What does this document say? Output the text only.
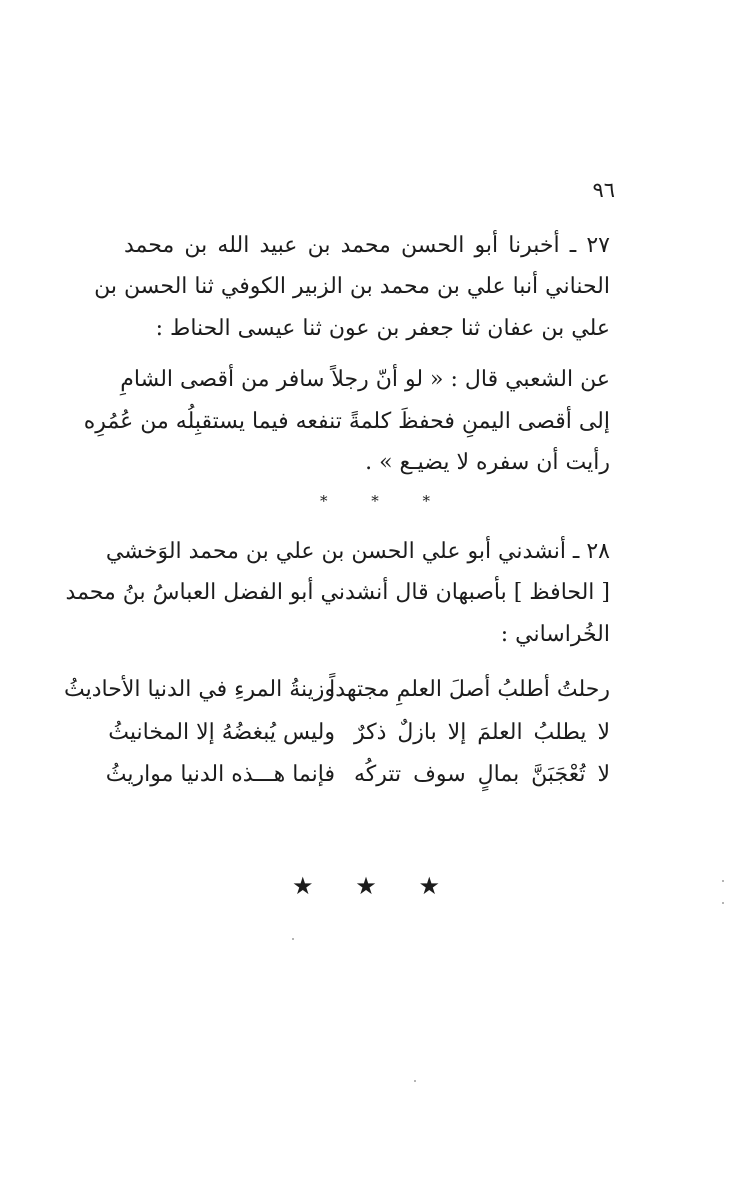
٩٦
٢٧ ـ أخبرنا أبو الحسن محمد بن عبيد الله بن محمد
الحناني أنبا علي بن محمد بن الزبير الكوفي ثنا الحسن بن
علي بن عفان ثنا جعفر بن عون ثنا عيسى الحناط :
عن الشعبي قال : « لو أنّ رجلاً سافر من أقصى الشامِ
إلى أقصى اليمنِ فحفظَ كلمةً تنفعه فيما يستقبِلُه من عُمُرِه
رأيت أن سفره لا يضيـع » .
*	*	*
٢٨ ـ أنشدني أبو علي الحسن بن علي بن محمد الوَخشي
[ الحافظ ] بأصبهان قال أنشدني أبو الفضل العباسُ بنُ محمد
الخُراساني :
رحلتُ أطلبُ أصلَ العلمِ مجتهداً
وزينةُ المرءِ في الدنيا الأحاديثُ
لا يطلبُ العلمَ إلا بازلٌ ذكرٌ
وليس يُبغضُهُ إلا المخانيثُ
لا تُعْجَبَنَّ بمالٍ سوف تتركُه
فإنما هـــذه الدنيا مواريثُ
★ ★ ★
